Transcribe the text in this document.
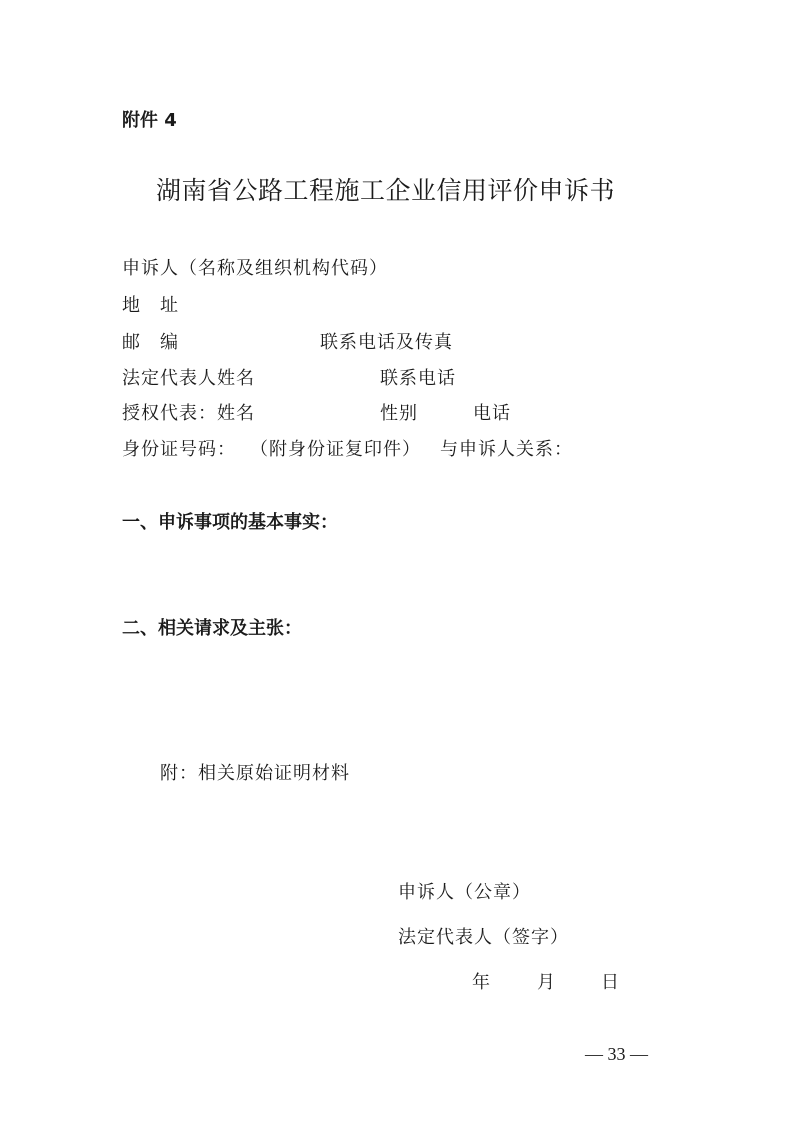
附件 4
湖南省公路工程施工企业信用评价申诉书
申诉人（名称及组织机构代码）
地　址
邮　编	联系电话及传真
法定代表人姓名	联系电话
授权代表：姓名	性别	电话
身份证号码： （附身份证复印件） 与申诉人关系：
一、申诉事项的基本事实：
二、相关请求及主张：
附：相关原始证明材料
申诉人（公章）
法定代表人（签字）
年	月	日
— 33 —
